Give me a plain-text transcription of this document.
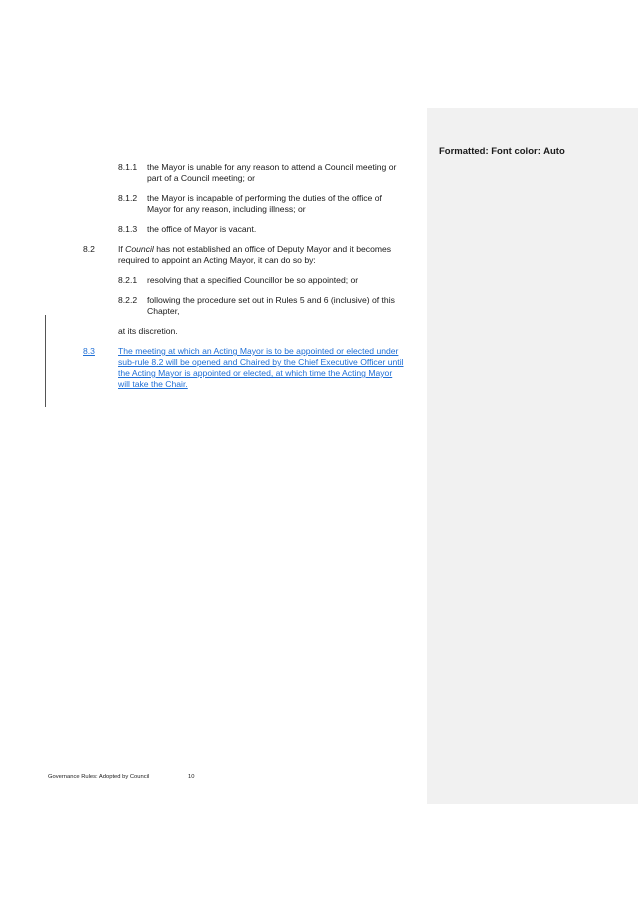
8.1.1 the Mayor is unable for any reason to attend a Council meeting or
part of a Council meeting; or
8.1.2 the Mayor is incapable of performing the duties of the office of
Mayor for any reason, including illness; or
8.1.3 the office of Mayor is vacant.
8.2	If Council has not established an office of Deputy Mayor and it becomes
required to appoint an Acting Mayor, it can do so by:
8.2.1 resolving that a specified Councillor be so appointed; or
8.2.2 following the procedure set out in Rules 5 and 6 (inclusive) of this
Chapter,
at its discretion.
8.3	The meeting at which an Acting Mayor is to be appointed or elected under
sub-rule 8.2 will be opened and Chaired by the Chief Executive Officer until
the Acting Mayor is appointed or elected, at which time the Acting Mayor
will take the Chair.
Governance Rules: Adopted by Council	10
Formatted: Font color: Auto
